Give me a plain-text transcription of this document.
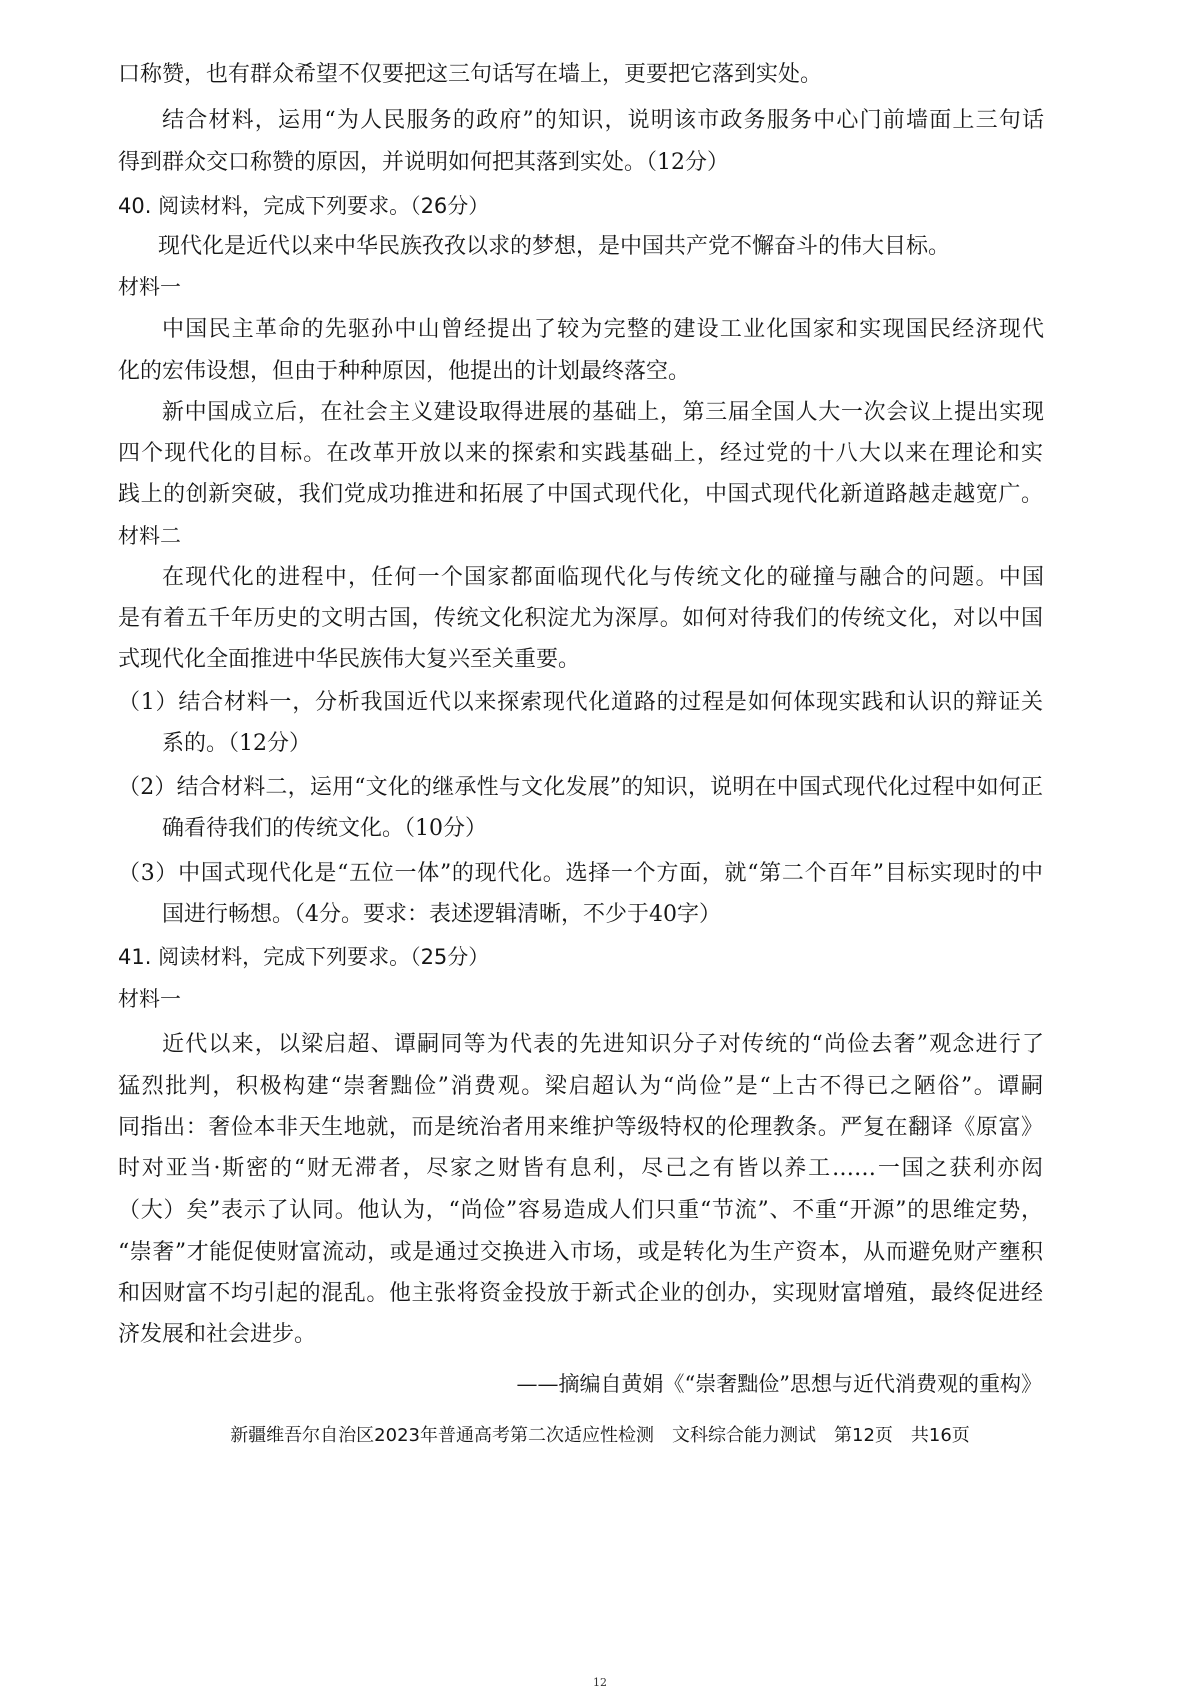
口称赞，也有群众希望不仅要把这三句话写在墙上，更要把它落到实处。
结合材料，运用“为人民服务的政府”的知识，说明该市政务服务中心门前墙面上三句话
得到群众交口称赞的原因，并说明如何把其落到实处。（12分）
40. 阅读材料，完成下列要求。（26分）
现代化是近代以来中华民族孜孜以求的梦想，是中国共产党不懈奋斗的伟大目标。
材料一
中国民主革命的先驱孙中山曾经提出了较为完整的建设工业化国家和实现国民经济现代
化的宏伟设想，但由于种种原因，他提出的计划最终落空。
新中国成立后，在社会主义建设取得进展的基础上，第三届全国人大一次会议上提出实现
四个现代化的目标。在改革开放以来的探索和实践基础上，经过党的十八大以来在理论和实
践上的创新突破，我们党成功推进和拓展了中国式现代化，中国式现代化新道路越走越宽广。
材料二
在现代化的进程中，任何一个国家都面临现代化与传统文化的碰撞与融合的问题。中国
是有着五千年历史的文明古国，传统文化积淀尤为深厚。如何对待我们的传统文化，对以中国
式现代化全面推进中华民族伟大复兴至关重要。
（1）结合材料一，分析我国近代以来探索现代化道路的过程是如何体现实践和认识的辩证关
系的。（12分）
（2）结合材料二，运用“文化的继承性与文化发展”的知识，说明在中国式现代化过程中如何正
确看待我们的传统文化。（10分）
（3）中国式现代化是“五位一体”的现代化。选择一个方面，就“第二个百年”目标实现时的中
国进行畅想。（4分。要求：表述逻辑清晰，不少于40字）
41. 阅读材料，完成下列要求。（25分）
材料一
近代以来，以梁启超、谭嗣同等为代表的先进知识分子对传统的“尚俭去奢”观念进行了
猛烈批判，积极构建“崇奢黜俭”消费观。梁启超认为“尚俭”是“上古不得已之陋俗”。谭嗣
同指出：奢俭本非天生地就，而是统治者用来维护等级特权的伦理教条。严复在翻译《原富》
时对亚当·斯密的“财无滞者，尽家之财皆有息利，尽己之有皆以养工……一国之获利亦闳
（大）矣”表示了认同。他认为，“尚俭”容易造成人们只重“节流”、不重“开源”的思维定势，
“崇奢”才能促使财富流动，或是通过交换进入市场，或是转化为生产资本，从而避免财产壅积
和因财富不均引起的混乱。他主张将资金投放于新式企业的创办，实现财富增殖，最终促进经
济发展和社会进步。
——摘编自黄娟《“崇奢黜俭”思想与近代消费观的重构》
新疆维吾尔自治区2023年普通高考第二次适应性检测　文科综合能力测试　第12页　共16页
12
